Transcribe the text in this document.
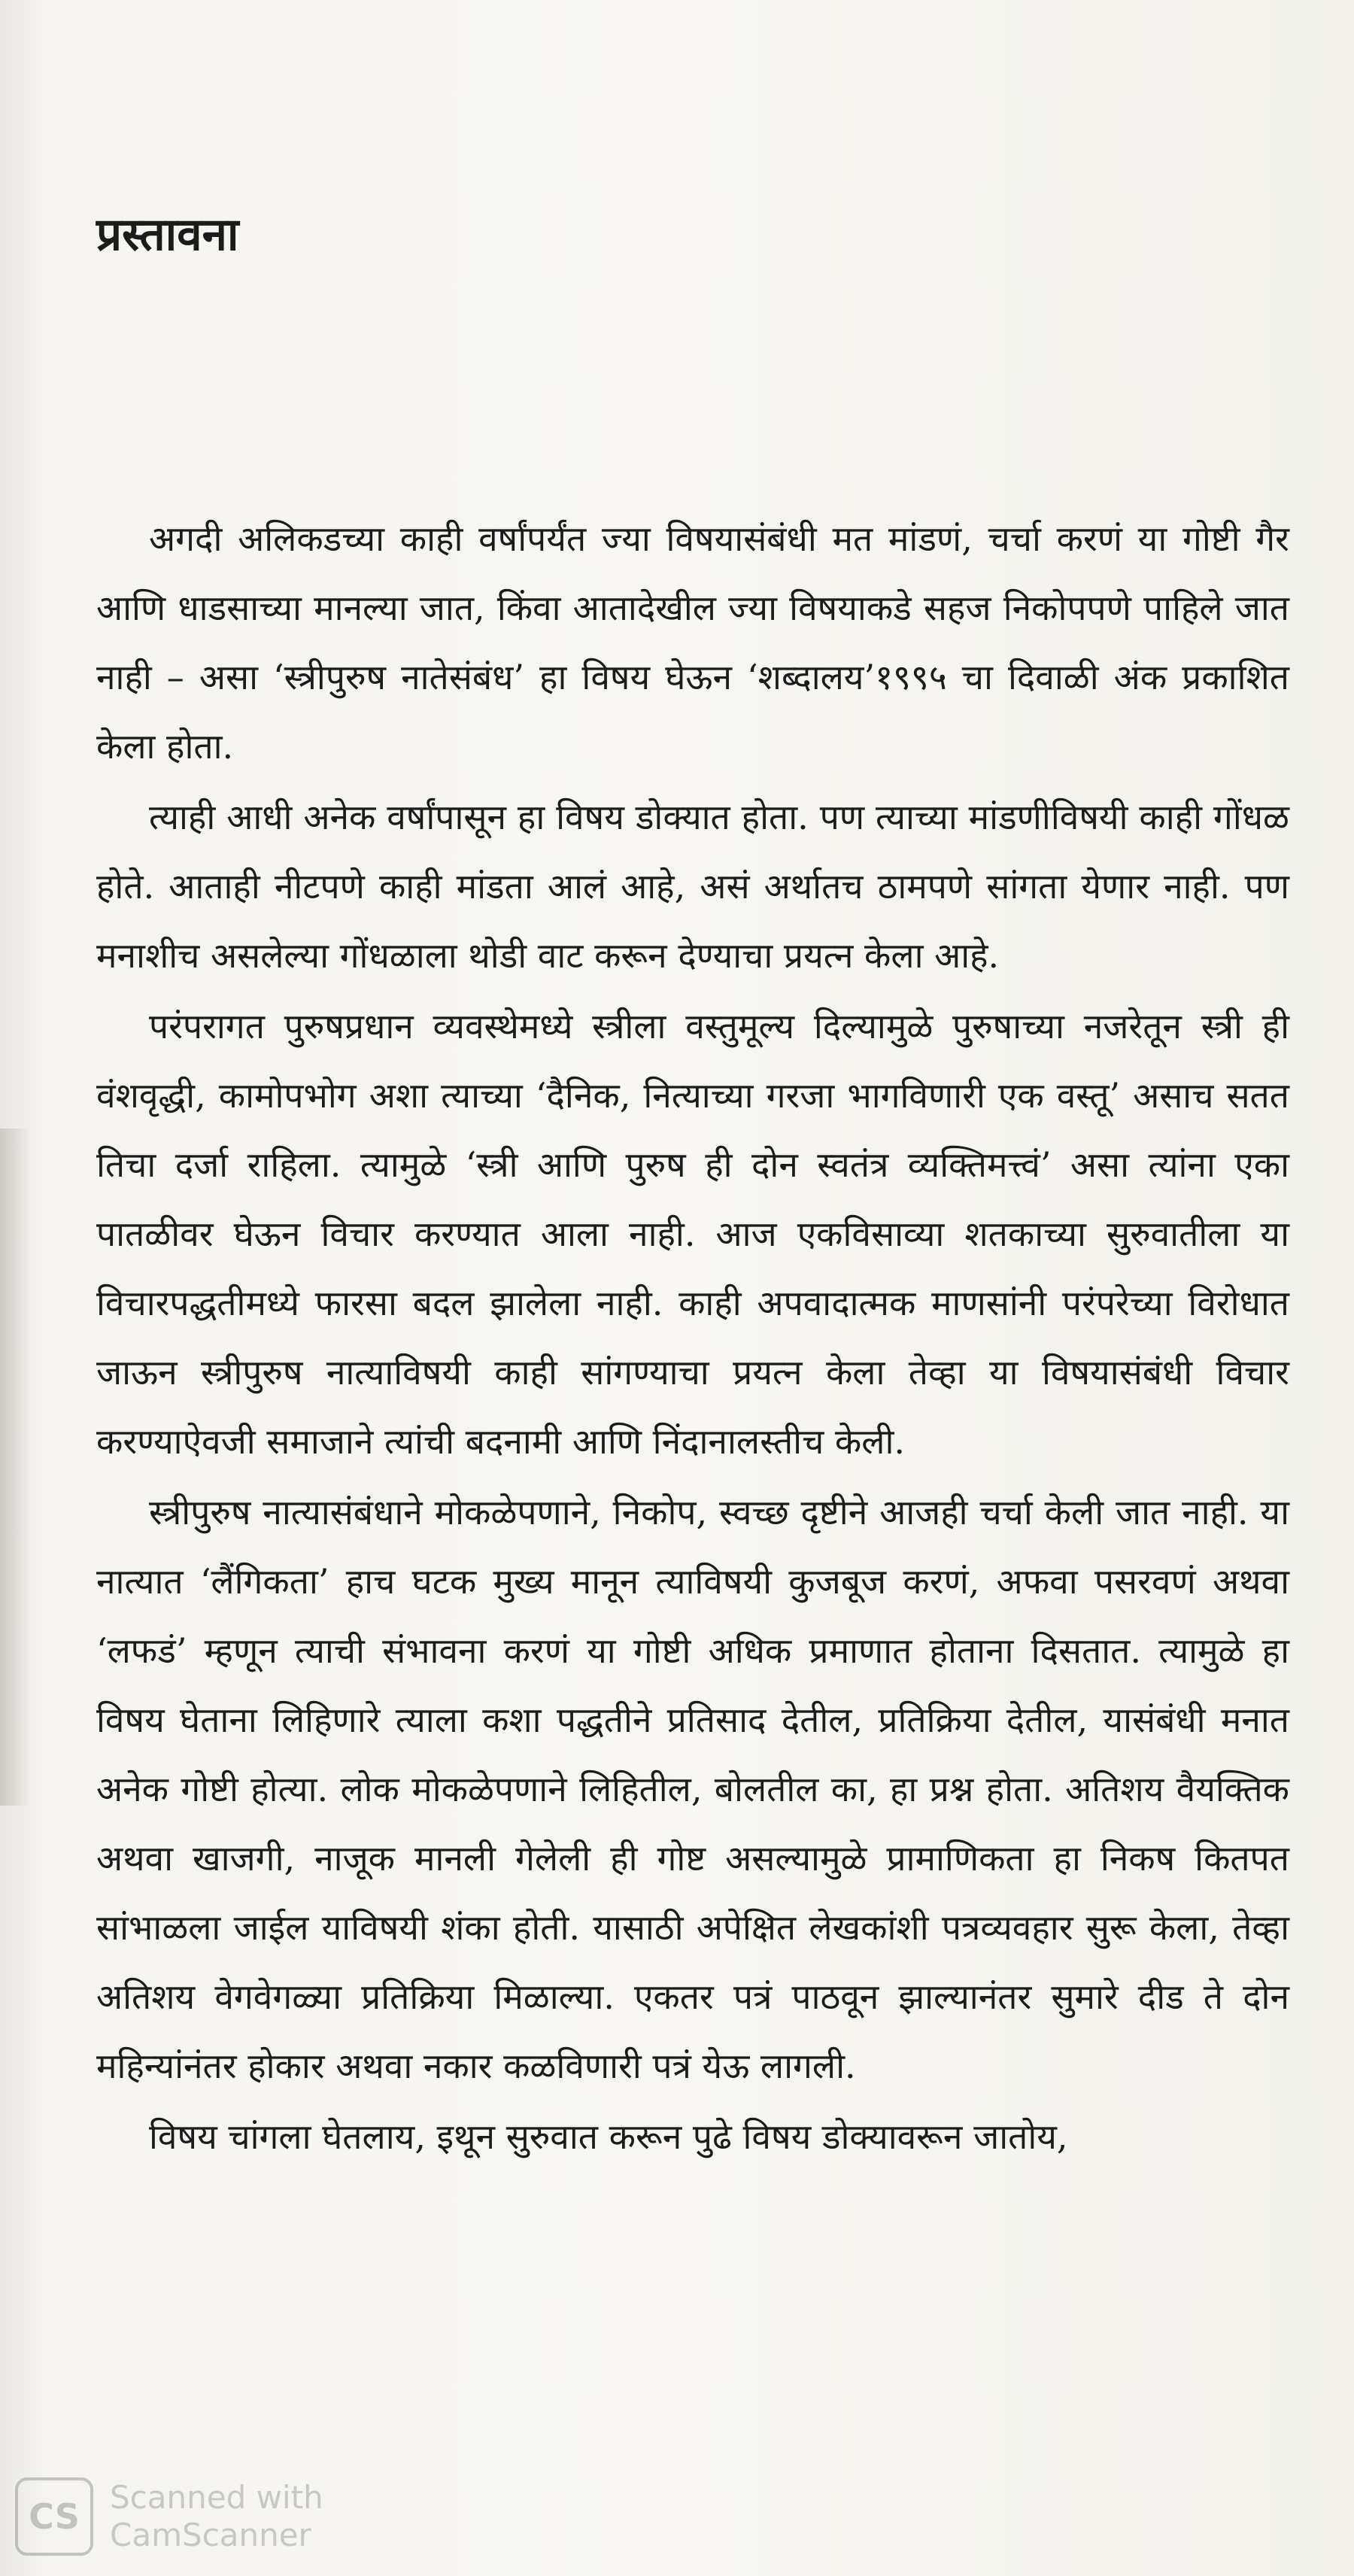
प्रस्तावना

अगदी अलिकडच्या काही वर्षांपर्यंत ज्या विषयासंबंधी मत मांडणं, चर्चा करणं या गोष्टी गैर आणि धाडसाच्या मानल्या जात, किंवा आतादेखील ज्या विषयाकडे सहज निकोपपणे पाहिले जात नाही – असा ‘स्त्रीपुरुष नातेसंबंध’ हा विषय घेऊन ‘शब्दालय’१९९५ चा दिवाळी अंक प्रकाशित केला होता.

त्याही आधी अनेक वर्षांपासून हा विषय डोक्यात होता. पण त्याच्या मांडणीविषयी काही गोंधळ होते. आताही नीटपणे काही मांडता आलं आहे, असं अर्थातच ठामपणे सांगता येणार नाही. पण मनाशीच असलेल्या गोंधळाला थोडी वाट करून देण्याचा प्रयत्न केला आहे.

परंपरागत पुरुषप्रधान व्यवस्थेमध्ये स्त्रीला वस्तुमूल्य दिल्यामुळे पुरुषाच्या नजरेतून स्त्री ही वंशवृद्धी, कामोपभोग अशा त्याच्या ‘दैनिक, नित्याच्या गरजा भागविणारी एक वस्तू’ असाच सतत तिचा दर्जा राहिला. त्यामुळे ‘स्त्री आणि पुरुष ही दोन स्वतंत्र व्यक्तिमत्त्वं’ असा त्यांना एका पातळीवर घेऊन विचार करण्यात आला नाही. आज एकविसाव्या शतकाच्या सुरुवातीला या विचारपद्धतीमध्ये फारसा बदल झालेला नाही. काही अपवादात्मक माणसांनी परंपरेच्या विरोधात जाऊन स्त्रीपुरुष नात्याविषयी काही सांगण्याचा प्रयत्न केला तेव्हा या विषयासंबंधी विचार करण्याऐवजी समाजाने त्यांची बदनामी आणि निंदानालस्तीच केली.

स्त्रीपुरुष नात्यासंबंधाने मोकळेपणाने, निकोप, स्वच्छ दृष्टीने आजही चर्चा केली जात नाही. या नात्यात ‘लैंगिकता’ हाच घटक मुख्य मानून त्याविषयी कुजबूज करणं, अफवा पसरवणं अथवा ‘लफडं’ म्हणून त्याची संभावना करणं या गोष्टी अधिक प्रमाणात होताना दिसतात. त्यामुळे हा विषय घेताना लिहिणारे त्याला कशा पद्धतीने प्रतिसाद देतील, प्रतिक्रिया देतील, यासंबंधी मनात अनेक गोष्टी होत्या. लोक मोकळेपणाने लिहितील, बोलतील का, हा प्रश्न होता. अतिशय वैयक्तिक अथवा खाजगी, नाजूक मानली गेलेली ही गोष्ट असल्यामुळे प्रामाणिकता हा निकष कितपत सांभाळला जाईल याविषयी शंका होती. यासाठी अपेक्षित लेखकांशी पत्रव्यवहार सुरू केला, तेव्हा अतिशय वेगवेगळ्या प्रतिक्रिया मिळाल्या. एकतर पत्रं पाठवून झाल्यानंतर सुमारे दीड ते दोन महिन्यांनंतर होकार अथवा नकार कळविणारी पत्रं येऊ लागली.

विषय चांगला घेतलाय, इथून सुरुवात करून पुढे विषय डोक्यावरून जातोय,

CS Scanned with
CamScanner
